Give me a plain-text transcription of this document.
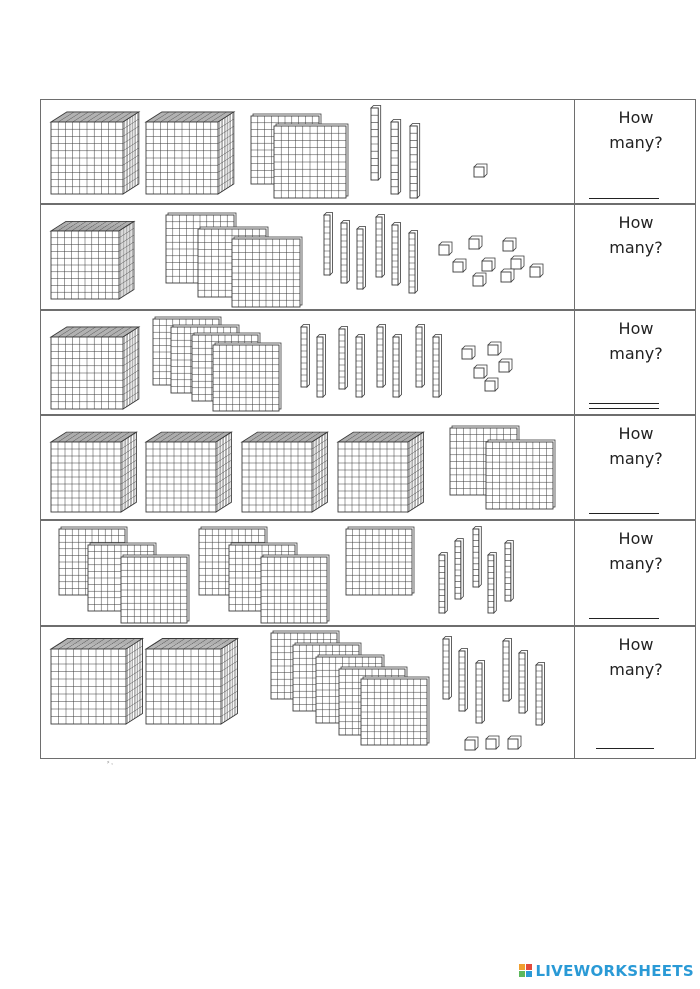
How
many?
How
many?
How
many?
How
many?
How
many?
How
many?
⸗ ‚
LIVEWORKSHEETS
